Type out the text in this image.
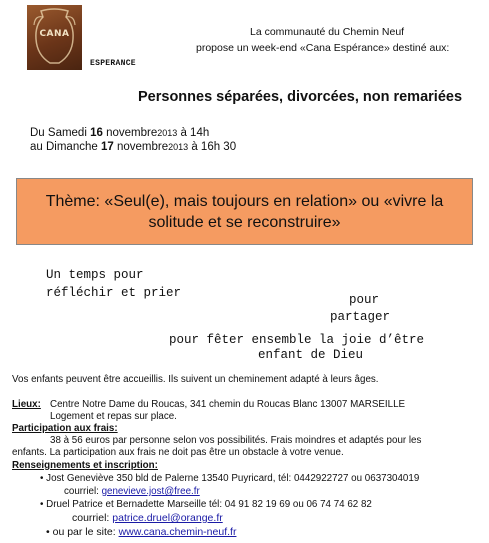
CANA
ESPERANCE
La communauté du Chemin Neuf
propose un week-end «Cana Espérance» destiné aux:
Personnes séparées, divorcées, non remariées
Du Samedi 16 novembre2013 à 14h
au Dimanche 17 novembre2013 à 16h 30
Thème: «Seul(e), mais toujours en relation» ou «vivre la solitude et se reconstruire»
Un temps pour
réfléchir et prier	pour
partager
pour fêter ensemble la joie d’être
enfant de Dieu
Vos enfants peuvent être accueillis. Ils suivent un cheminement adapté à leurs âges.
Lieux: Centre Notre Dame du Roucas, 341 chemin du Roucas Blanc 13007 MARSEILLE
Logement et repas sur place.
Participation aux frais:
38 à 56 euros par personne selon vos possibilités. Frais moindres et adaptés pour les
enfants. La participation aux frais ne doit pas être un obstacle à votre venue.
Renseignements et inscription:
• Jost Geneviève 350 bld de Palerne 13540 Puyricard, tél: 0442922727 ou 0637304019
courriel: genevieve.jost@free.fr
• Druel Patrice et Bernadette Marseille tél: 04 91 82 19 69 ou 06 74 74 62 82
courriel: patrice.druel@orange.fr
• ou par le site: www.cana.chemin-neuf.fr
